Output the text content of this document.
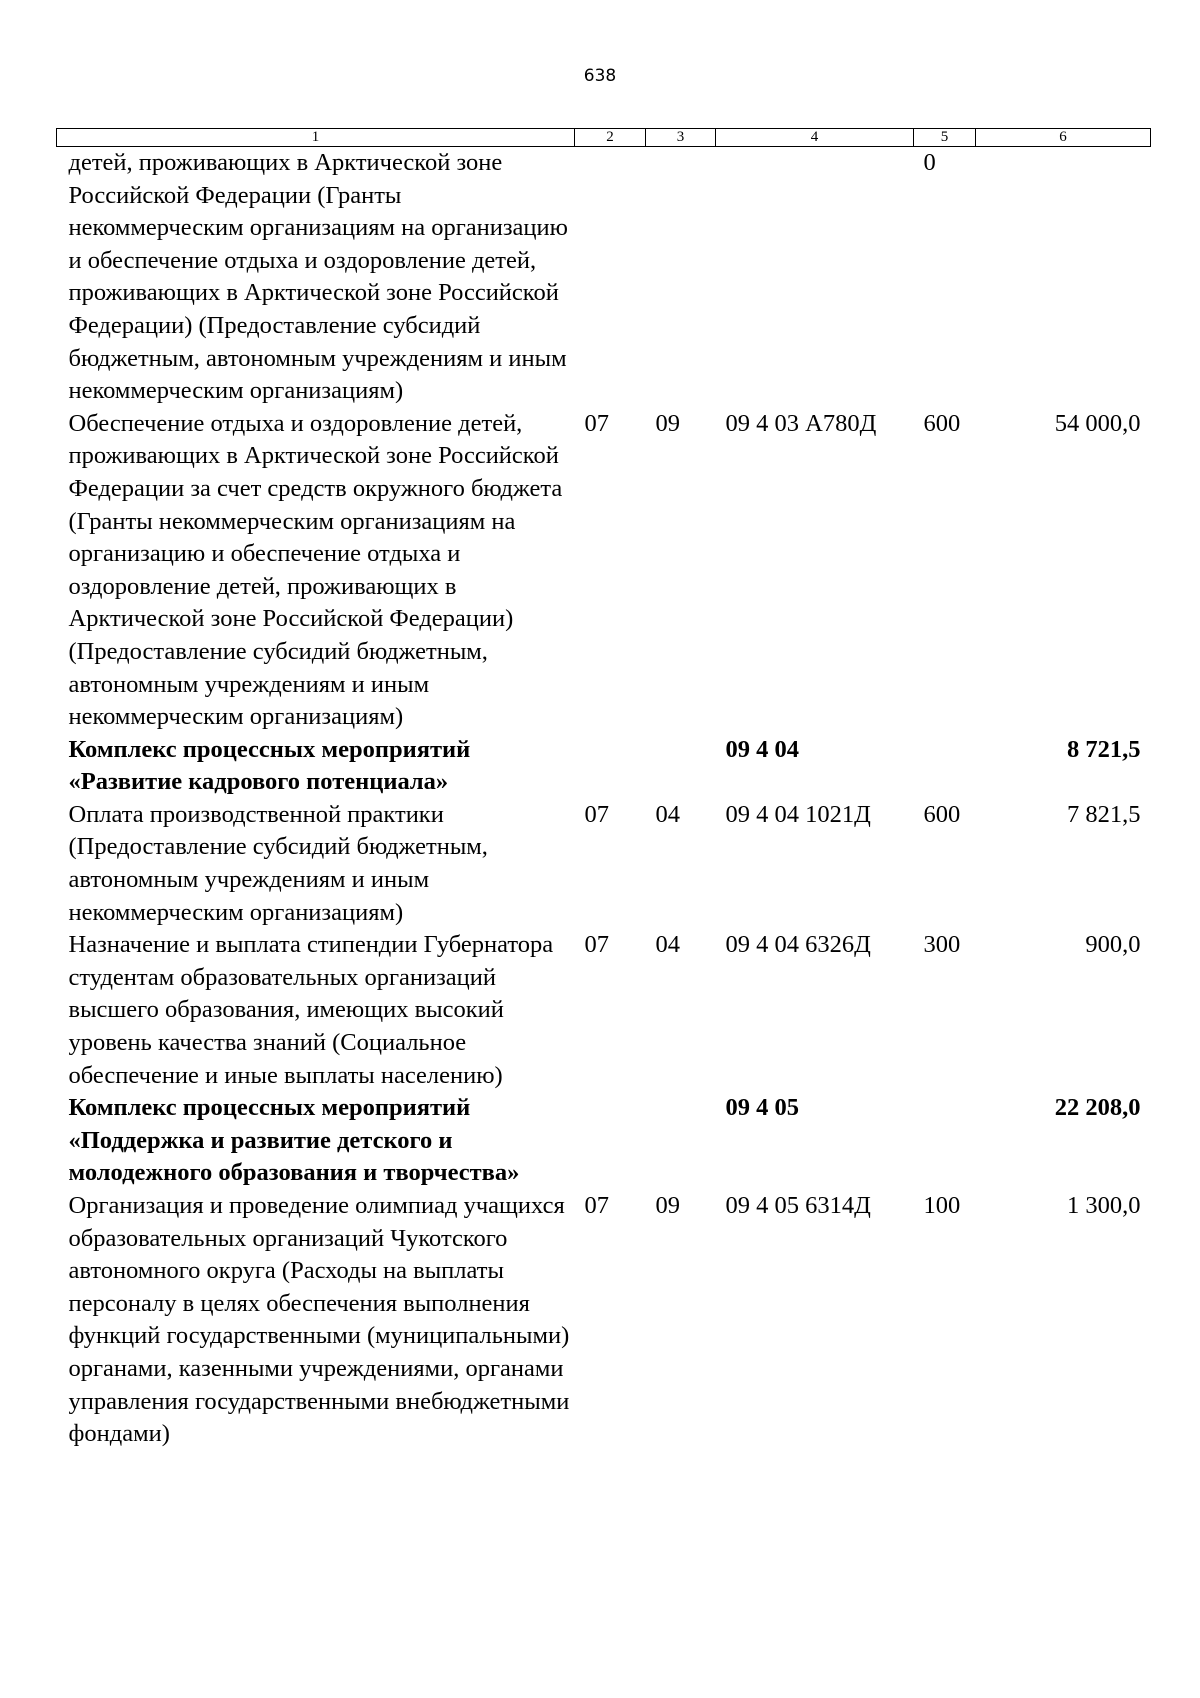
638
1	2	3	4	5	6
детей, проживающих в Арктической зоне Российской Федерации (Гранты некоммерческим организациям на организацию и обеспечение отдыха и оздоровление детей, проживающих в Арктической зоне Российской Федерации) (Предоставление субсидий бюджетным, автономным учреждениям и иным некоммерческим организациям)				0	
Обеспечение отдыха и оздоровление детей, проживающих в Арктической зоне Российской Федерации за счет средств окружного бюджета (Гранты некоммерческим организациям на организацию и обеспечение отдыха и оздоровление детей, проживающих в Арктической зоне Российской Федерации) (Предоставление субсидий бюджетным, автономным учреждениям и иным некоммерческим организациям)	07	09	09 4 03 А780Д	600	54 000,0
Комплекс процессных мероприятий «Развитие кадрового потенциала»			09 4 04		8 721,5
Оплата производственной практики (Предоставление субсидий бюджетным, автономным учреждениям и иным некоммерческим организациям)	07	04	09 4 04 1021Д	600	7 821,5
Назначение и выплата стипендии Губернатора студентам образовательных организаций высшего образования, имеющих высокий уровень качества знаний (Социальное обеспечение и иные выплаты населению)	07	04	09 4 04 6326Д	300	900,0
Комплекс процессных мероприятий «Поддержка и развитие детского и молодежного образования и творчества»			09 4 05		22 208,0
Организация и проведение олимпиад учащихся образовательных организаций Чукотского автономного округа (Расходы на выплаты персоналу в целях обеспечения выполнения функций государственными (муниципальными) органами, казенными учреждениями, органами управления государственными внебюджетными фондами)	07	09	09 4 05 6314Д	100	1 300,0
